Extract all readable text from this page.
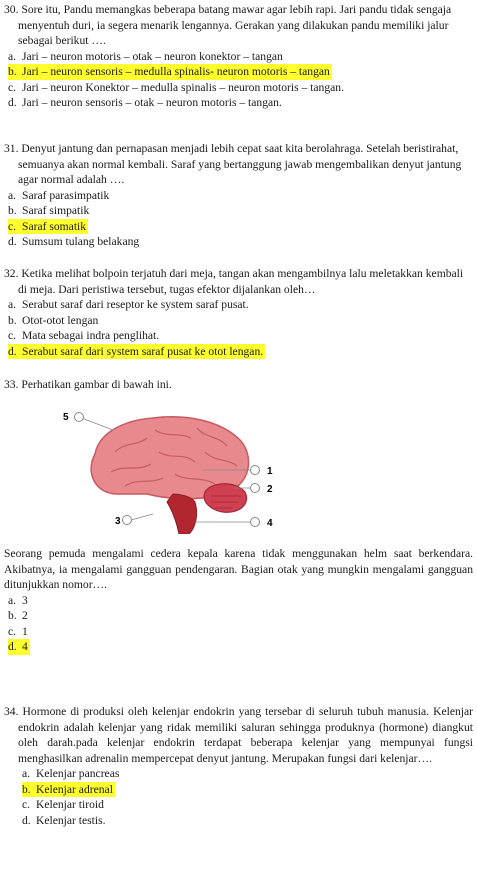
30. Sore itu, Pandu memangkas beberapa batang mawar agar lebih rapi. Jari pandu tidak sengaja menyentuh duri, ia segera menarik lengannya. Gerakan yang dilakukan pandu memiliki jalur sebagai berikut ….
a. Jari – neuron motoris – otak – neuron konektor – tangan
b. Jari – neuron sensoris – medulla spinalis- neuron motoris – tangan
c. Jari – neuron Konektor – medulla spinalis – neuron motoris – tangan.
d. Jari – neuron sensoris – otak – neuron motoris – tangan.
31. Denyut jantung dan pernapasan menjadi lebih cepat saat kita berolahraga. Setelah beristirahat, semuanya akan normal kembali. Saraf yang bertanggung jawab mengembalikan denyut jantung agar normal adalah ….
a. Saraf parasimpatik
b. Saraf simpatik
c. Saraf somatik
d. Sumsum tulang belakang
32. Ketika melihat bolpoin terjatuh dari meja, tangan akan mengambilnya lalu meletakkan kembali di meja. Dari peristiwa tersebut, tugas efektor dijalankan oleh…
a. Serabut saraf dari reseptor ke system saraf pusat.
b. Otot-otot lengan
c. Mata sebagai indra penglihat.
d. Serabut saraf dari system saraf pusat ke otot lengan.
33. Perhatikan gambar di bawah ini.
5
1
2
3	4
Seorang pemuda mengalami cedera kepala karena tidak menggunakan helm saat berkendara. Akibatnya, ia mengalami gangguan pendengaran. Bagian otak yang mungkin mengalami gangguan ditunjukkan nomor….
a. 3
b. 2
c. 1
d. 4
34. Hormone di produksi oleh kelenjar endokrin yang tersebar di seluruh tubuh manusia. Kelenjar endokrin adalah kelenjar yang ridak memiliki saluran sehingga produknya (hormone) diangkut oleh darah.pada kelenjar endokrin terdapat beberapa kelenjar yang mempunyai fungsi menghasilkan adrenalin mempercepat denyut jantung. Merupakan fungsi dari kelenjar….
a. Kelenjar pancreas
b. Kelenjar adrenal
c. Kelenjar tiroid
d. Kelenjar testis.
